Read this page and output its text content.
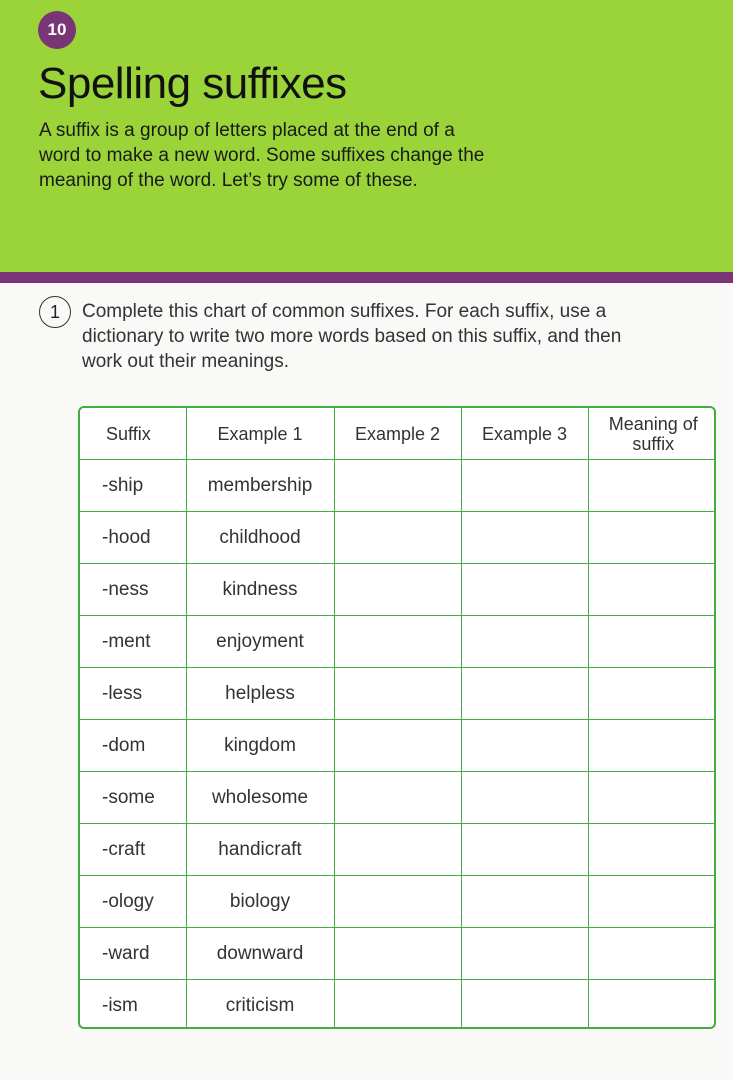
10
Spelling suffixes

A suffix is a group of letters placed at the end of a word to make a new word. Some suffixes change the meaning of the word. Let’s try some of these.

1	Complete this chart of common suffixes. For each suffix, use a dictionary to write two more words based on this suffix, and then work out their meanings.

Suffix	Example 1	Example 2	Example 3	Meaning of suffix
-ship	membership			
-hood	childhood			
-ness	kindness			
-ment	enjoyment			
-less	helpless			
-dom	kingdom			
-some	wholesome			
-craft	handicraft			
-ology	biology			
-ward	downward			
-ism	criticism			
